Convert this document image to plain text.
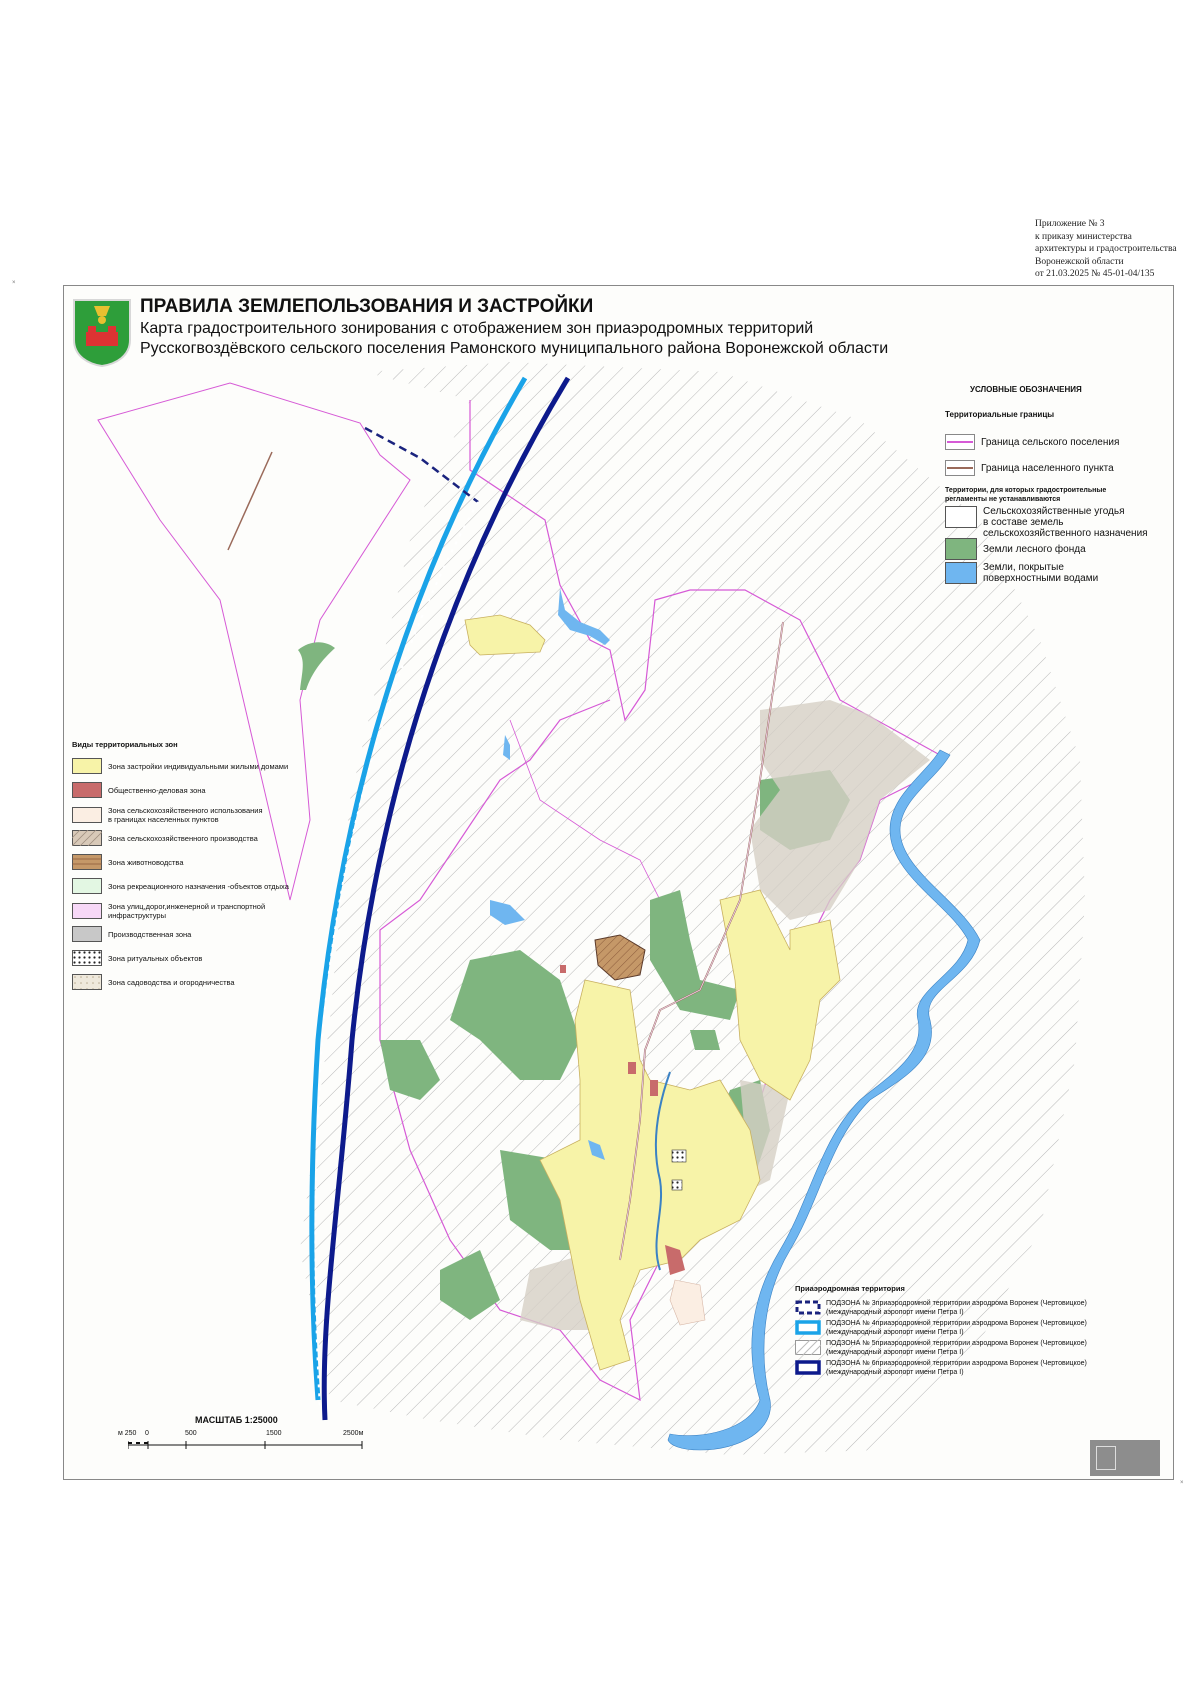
Приложение № 3
к приказу министерства
архитектуры и градостроительства
Воронежской области
от 21.03.2025 № 45-01-04/135
ПРАВИЛА ЗЕМЛЕПОЛЬЗОВАНИЯ И ЗАСТРОЙКИ
Карта градостроительного зонирования с отображением зон приаэродромных территорий
Русскогвоздёвского сельского поселения Рамонского муниципального района Воронежской области
УСЛОВНЫЕ ОБОЗНАЧЕНИЯ
Территориальные границы
Граница сельского поселения
Граница населенного пункта
Территории, для которых градостроительные
регламенты не устанавливаются
Сельскохозяйственные угодья
в составе земель
сельскохозяйственного назначения
Земли лесного фонда
Земли, покрытые
поверхностными водами
Виды территориальных зон
Зона застройки индивидуальными жилыми домами
Общественно-деловая зона
Зона сельскохозяйственного использования
в границах населенных пунктов
Зона сельскохозяйственного производства
Зона животноводства
Зона рекреационного назначения -объектов отдыха
Зона улиц,дорог,инженерной и транспортной
инфраструктуры
Производственная зона
Зона ритуальных объектов
Зона садоводства и огородничества
Приаэродромная территория
ПОДЗОНА № 3приаэродромной территории аэродрома Воронеж (Чертовицкое)
(международный аэропорт имени Петра I)
ПОДЗОНА № 4приаэродромной территории аэродрома Воронеж (Чертовицкое)
(международный аэропорт имени Петра I)
ПОДЗОНА № 5приаэродромной территории аэродрома Воронеж (Чертовицкое)
(международный аэропорт имени Петра I)
ПОДЗОНА № 6приаэродромной территории аэродрома Воронеж (Чертовицкое)
(международный аэропорт имени Петра I)
МАСШТАБ 1:25000
м 250 0	500	1500	2500м
×
×
